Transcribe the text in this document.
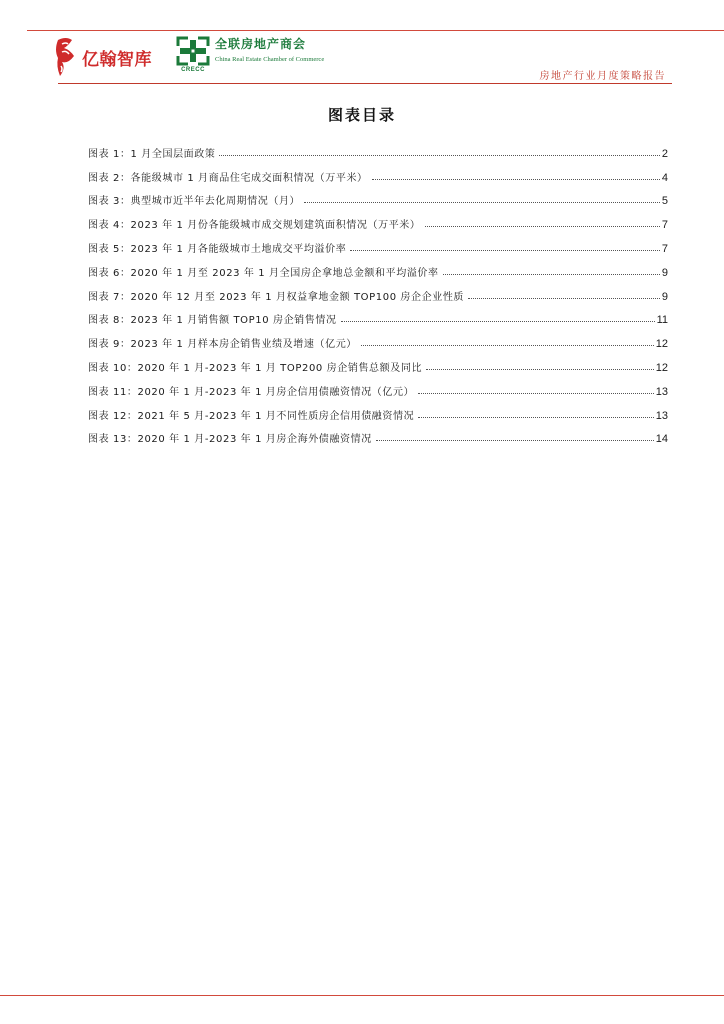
亿翰智库
CRECC
全联房地产商会
China Real Estate Chamber of Commerce
房地产行业月度策略报告
图表目录
图表 1：1 月全国层面政策	2
图表 2：各能级城市 1 月商品住宅成交面积情况（万平米）	4
图表 3：典型城市近半年去化周期情况（月）	5
图表 4：2023 年 1 月份各能级城市成交规划建筑面积情况（万平米）	7
图表 5：2023 年 1 月各能级城市土地成交平均溢价率	7
图表 6：2020 年 1 月至 2023 年 1 月全国房企拿地总金额和平均溢价率	9
图表 7：2020 年 12 月至 2023 年 1 月权益拿地金额 TOP100 房企企业性质	9
图表 8：2023 年 1 月销售额 TOP10 房企销售情况	11
图表 9：2023 年 1 月样本房企销售业绩及增速（亿元）	12
图表 10：2020 年 1 月-2023 年 1 月 TOP200 房企销售总额及同比	12
图表 11：2020 年 1 月-2023 年 1 月房企信用债融资情况（亿元）	13
图表 12：2021 年 5 月-2023 年 1 月不同性质房企信用债融资情况	13
图表 13：2020 年 1 月-2023 年 1 月房企海外债融资情况	14
